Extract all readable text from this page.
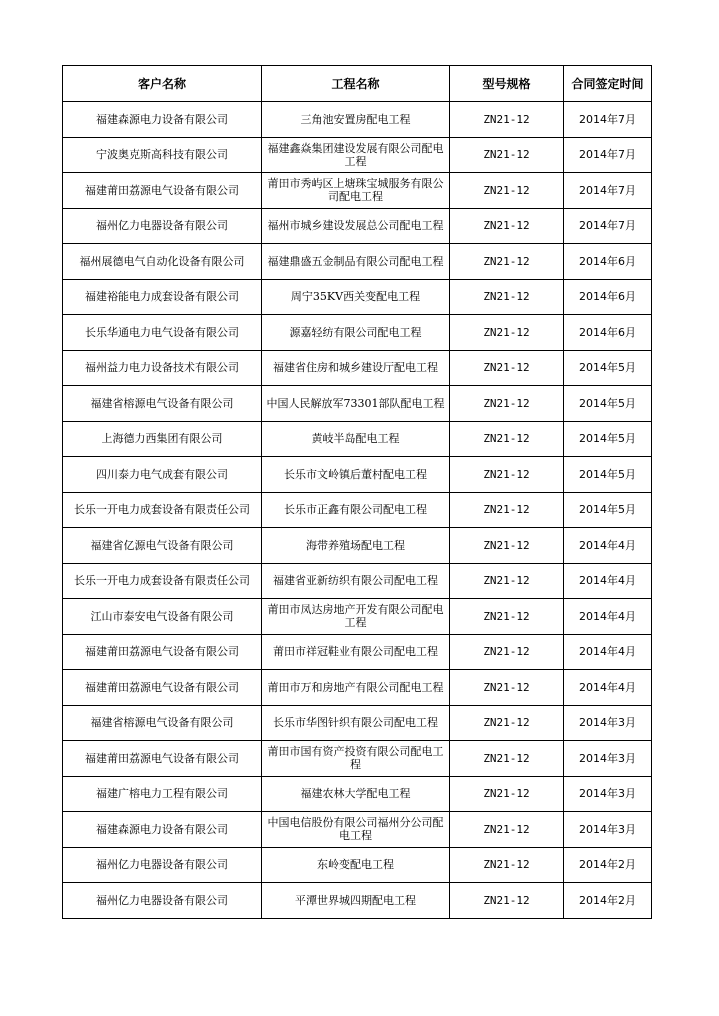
客户名称	工程名称	型号规格	合同签定时间
福建森源电力设备有限公司	三角池安置房配电工程	ZN21-12	2014年7月
宁波奥克斯高科技有限公司	福建鑫焱集团建设发展有限公司配电工程	ZN21-12	2014年7月
福建莆田荔源电气设备有限公司	莆田市秀屿区上塘珠宝城服务有限公司配电工程	ZN21-12	2014年7月
福州亿力电器设备有限公司	福州市城乡建设发展总公司配电工程	ZN21-12	2014年7月
福州展德电气自动化设备有限公司	福建鼎盛五金制品有限公司配电工程	ZN21-12	2014年6月
福建裕能电力成套设备有限公司	周宁35KV西关变配电工程	ZN21-12	2014年6月
长乐华通电力电气设备有限公司	源嘉轻纺有限公司配电工程	ZN21-12	2014年6月
福州益力电力设备技术有限公司	福建省住房和城乡建设厅配电工程	ZN21-12	2014年5月
福建省榕源电气设备有限公司	中国人民解放军73301部队配电工程	ZN21-12	2014年5月
上海德力西集团有限公司	黄岐半岛配电工程	ZN21-12	2014年5月
四川泰力电气成套有限公司	长乐市文岭镇后董村配电工程	ZN21-12	2014年5月
长乐一开电力成套设备有限责任公司	长乐市正鑫有限公司配电工程	ZN21-12	2014年5月
福建省亿源电气设备有限公司	海带养殖场配电工程	ZN21-12	2014年4月
长乐一开电力成套设备有限责任公司	福建省亚新纺织有限公司配电工程	ZN21-12	2014年4月
江山市泰安电气设备有限公司	莆田市凤达房地产开发有限公司配电工程	ZN21-12	2014年4月
福建莆田荔源电气设备有限公司	莆田市祥冠鞋业有限公司配电工程	ZN21-12	2014年4月
福建莆田荔源电气设备有限公司	莆田市万和房地产有限公司配电工程	ZN21-12	2014年4月
福建省榕源电气设备有限公司	长乐市华图针织有限公司配电工程	ZN21-12	2014年3月
福建莆田荔源电气设备有限公司	莆田市国有资产投资有限公司配电工程	ZN21-12	2014年3月
福建广榕电力工程有限公司	福建农林大学配电工程	ZN21-12	2014年3月
福建森源电力设备有限公司	中国电信股份有限公司福州分公司配电工程	ZN21-12	2014年3月
福州亿力电器设备有限公司	东岭变配电工程	ZN21-12	2014年2月
福州亿力电器设备有限公司	平潭世界城四期配电工程	ZN21-12	2014年2月
